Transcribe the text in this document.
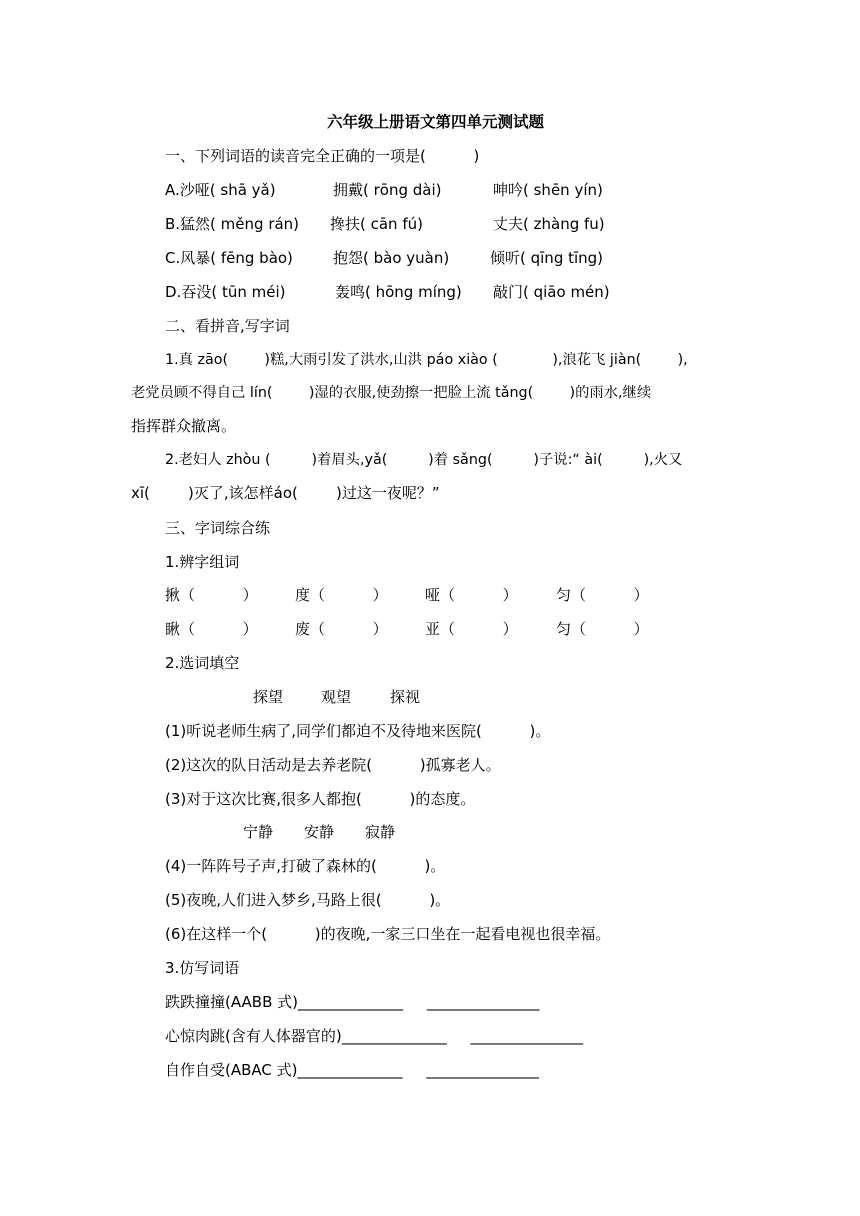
六年级上册语文第四单元测试题
一、下列词语的读音完全正确的一项是(          )
A.沙哑( shā yǎ)	拥戴( rōng dài)	呻吟( shēn yín)
B.猛然( měng rán) 搀扶( cān fú)	丈夫( zhàng fu)
C.风暴( fēng bào)	抱怨( bào yuàn)	倾听( qīng tīng)
D.吞没( tūn méi)	轰鸣( hōng míng) 敲门( qiāo mén)
二、看拼音,写字词
1.真 zāo(        )糕,大雨引发了洪水,山洪 páo xiào (            ),浪花飞 jiàn(        ),
老党员顾不得自己 lín(        )湿的衣服,使劲擦一把脸上流 tǎng(        )的雨水,继续
指挥群众撤离。
2.老妇人 zhòu (         )着眉头,yǎ(         )着 sǎng(         )子说:“ ài(         ),火又
xī(        )灭了,该怎样áo(        )过这一夜呢？”
三、字词综合练
1.辨字组词
揪（          ） 度（          ） 哑（          ）	匀（          ）
瞅（          ） 废（          ） 亚（          ）	匀（          ）
2.选词填空
探望	观望	探视
(1)听说老师生病了,同学们都迫不及待地来医院(          )。
(2)这次的队日活动是去养老院(          )孤寡老人。
(3)对于这次比赛,很多人都抱(          )的态度。
宁静 安静 寂静
(4)一阵阵号子声,打破了森林的(          )。
(5)夜晚,人们进入梦乡,马路上很(          )。
(6)在这样一个(          )的夜晚,一家三口坐在一起看电视也很幸福。
3.仿写词语
跌跌撞撞(AABB 式)______________     _______________
心惊肉跳(含有人体器官的)______________     _______________
自作自受(ABAC 式)______________     _______________
